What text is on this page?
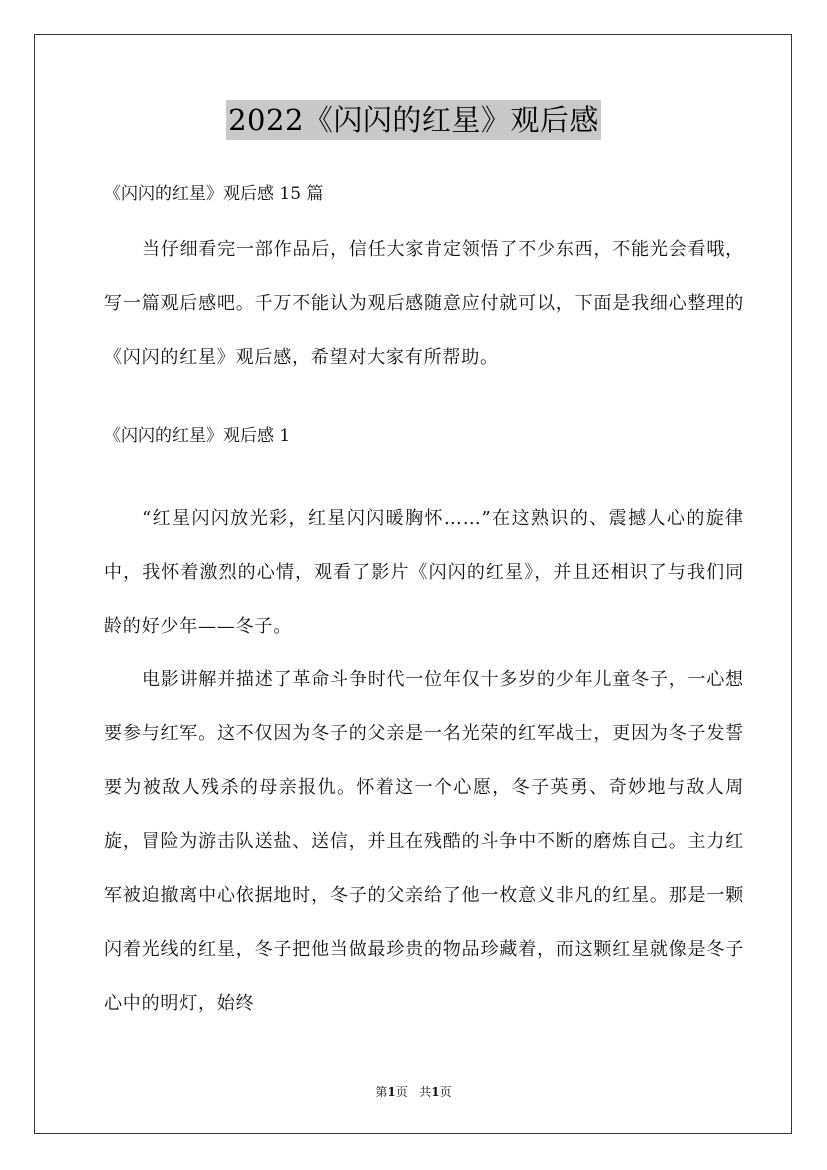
2022《闪闪的红星》观后感
《闪闪的红星》观后感 15 篇

当仔细看完一部作品后，信任大家肯定领悟了不少东西，不能光会看哦，写一篇观后感吧。千万不能认为观后感随意应付就可以，下面是我细心整理的《闪闪的红星》观后感，希望对大家有所帮助。

《闪闪的红星》观后感 1

“红星闪闪放光彩，红星闪闪暖胸怀……”在这熟识的、震撼人心的旋律中，我怀着激烈的心情，观看了影片《闪闪的红星》，并且还相识了与我们同龄的好少年——冬子。

电影讲解并描述了革命斗争时代一位年仅十多岁的少年儿童冬子，一心想要参与红军。这不仅因为冬子的父亲是一名光荣的红军战士，更因为冬子发誓要为被敌人残杀的母亲报仇。怀着这一个心愿，冬子英勇、奇妙地与敌人周旋，冒险为游击队送盐、送信，并且在残酷的斗争中不断的磨炼自己。主力红军被迫撤离中心依据地时，冬子的父亲给了他一枚意义非凡的红星。那是一颗闪着光线的红星，冬子把他当做最珍贵的物品珍藏着，而这颗红星就像是冬子心中的明灯，始终

第1页   共1页
